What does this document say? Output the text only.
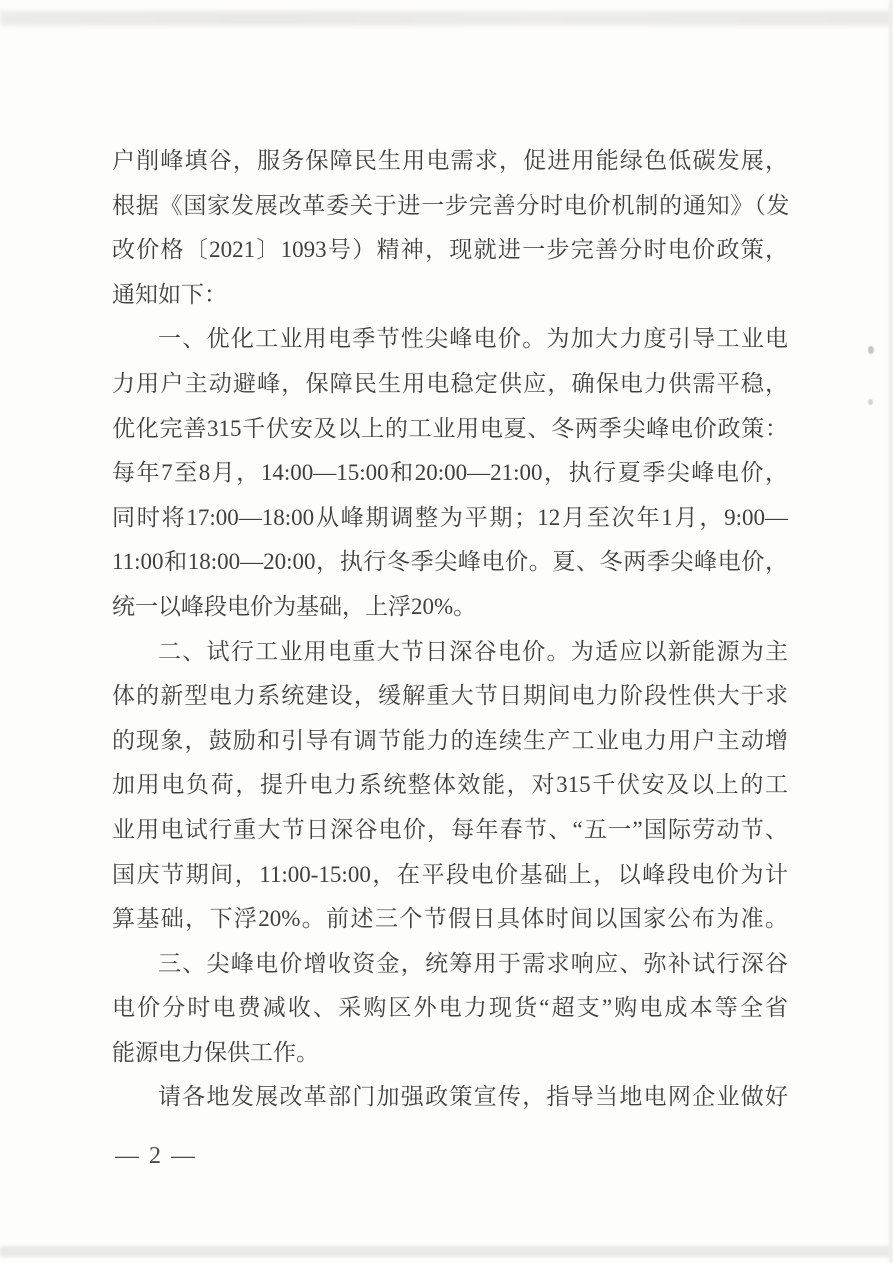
户削峰填谷，服务保障民生用电需求，促进用能绿色低碳发展，
根据《国家发展改革委关于进一步完善分时电价机制的通知》（发
改价格〔2021〕1093号）精神，现就进一步完善分时电价政策，
通知如下：
一、优化工业用电季节性尖峰电价。为加大力度引导工业电
力用户主动避峰，保障民生用电稳定供应，确保电力供需平稳，
优化完善315千伏安及以上的工业用电夏、冬两季尖峰电价政策：
每年7至8月，14:00—15:00和20:00—21:00，执行夏季尖峰电价，
同时将17:00—18:00从峰期调整为平期；12月至次年1月，9:00—
11:00和18:00—20:00，执行冬季尖峰电价。夏、冬两季尖峰电价，
统一以峰段电价为基础，上浮20%。
二、试行工业用电重大节日深谷电价。为适应以新能源为主
体的新型电力系统建设，缓解重大节日期间电力阶段性供大于求
的现象，鼓励和引导有调节能力的连续生产工业电力用户主动增
加用电负荷，提升电力系统整体效能，对315千伏安及以上的工
业用电试行重大节日深谷电价，每年春节、“五一”国际劳动节、
国庆节期间，11:00-15:00，在平段电价基础上，以峰段电价为计
算基础，下浮20%。前述三个节假日具体时间以国家公布为准。
三、尖峰电价增收资金，统筹用于需求响应、弥补试行深谷
电价分时电费减收、采购区外电力现货“超支”购电成本等全省
能源电力保供工作。
请各地发展改革部门加强政策宣传，指导当地电网企业做好
— 2 —
